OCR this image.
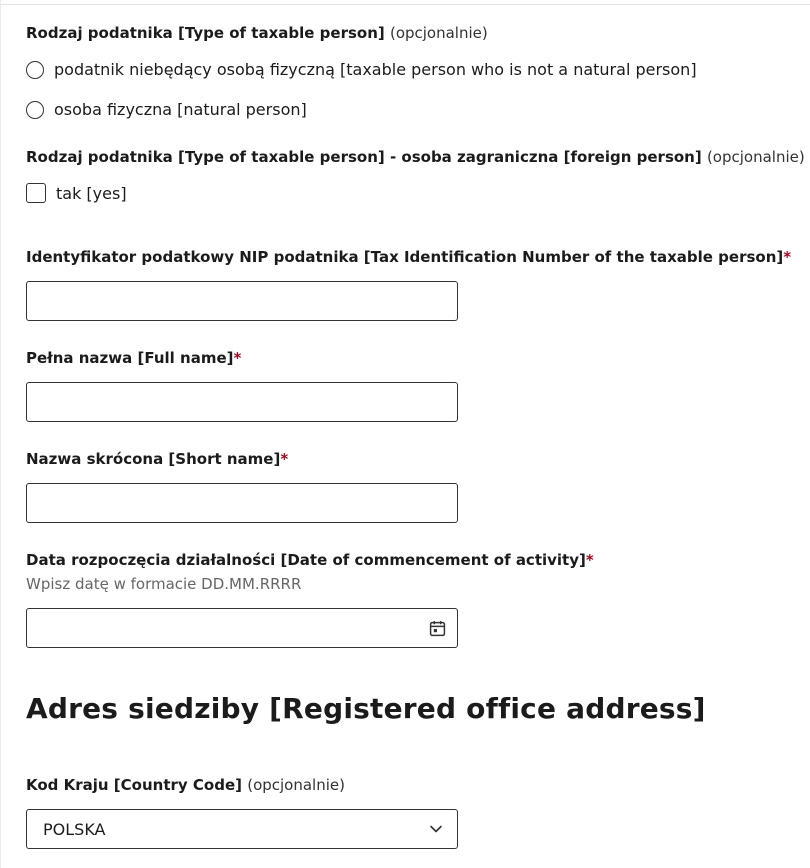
Rodzaj podatnika [Type of taxable person] (opcjonalnie)
podatnik niebędący osobą fizyczną [taxable person who is not a natural person]
osoba fizyczna [natural person]
Rodzaj podatnika [Type of taxable person] - osoba zagraniczna [foreign person] (opcjonalnie)
tak [yes]
Identyfikator podatkowy NIP podatnika [Tax Identification Number of the taxable person]*
Pełna nazwa [Full name]*
Nazwa skrócona [Short name]*
Data rozpoczęcia działalności [Date of commencement of activity]*
Wpisz datę w formacie DD.MM.RRRR
Adres siedziby [Registered office address]
Kod Kraju [Country Code] (opcjonalnie)
POLSKA
